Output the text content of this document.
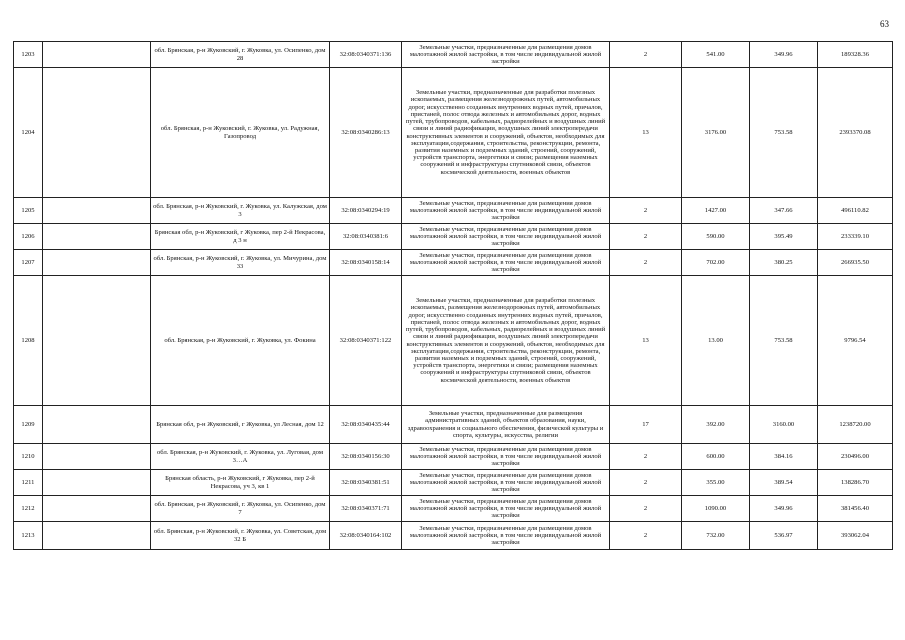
63
1203		обл. Брянская, р-н Жуковский, г. Жуковка, ул. Осипенко, дом 28	32:08:0340371:136	Земельные участки, предназначенные для размещения домов малоэтажной жилой застройки, в том числе индивидуальной жилой застройки	2	541.00	349.96	189328.36
1204		обл. Брянская, р-н Жуковский, г. Жуковка, ул. Радужная, Газопровод	32:08:0340286:13	Земельные участки, предназначенные для разработки полезных ископаемых, размещения железнодорожных путей, автомобильных дорог, искусственно созданных внутренних водных путей, причалов, пристаней, полос отвода железных и автомобильных дорог, водных путей, трубопроводов, кабельных, радиорелейных и воздушных линий связи и линий радиофикации, воздушных линий электропередачи конструктивных элементов и сооружений, объектов, необходимых для эксплуатации,содержания, строительства, реконструкции, ремонта, развития наземных и подземных зданий, строений, сооружений, устройств транспорта, энергетики и связи; размещения наземных сооружений и инфраструктуры спутниковой связи, объектов космической деятельности, военных объектов	13	3176.00	753.58	2393370.08
1205		обл. Брянская, р-н Жуковский, г. Жуковка, ул. Калужская, дом 3	32:08:0340294:19	Земельные участки, предназначенные для размещения домов малоэтажной жилой застройки, в том числе индивидуальной жилой застройки	2	1427.00	347.66	496110.82
1206		Брянская обл, р-н Жуковский, г Жуковка, пер 2-й Некрасова, д 3 н	32:08:0340381:6	Земельные участки, предназначенные для размещения домов малоэтажной жилой застройки, в том числе индивидуальной жилой застройки	2	590.00	395.49	233339.10
1207		обл. Брянская, р-н Жуковский, г. Жуковка, ул. Мичурина, дом 33	32:08:0340158:14	Земельные участки, предназначенные для размещения домов малоэтажной жилой застройки, в том числе индивидуальной жилой застройки	2	702.00	380.25	266935.50
1208		обл. Брянская, р-н Жуковский, г. Жуковка, ул. Фокина	32:08:0340371:122	Земельные участки, предназначенные для разработки полезных ископаемых, размещения железнодорожных путей, автомобильных дорог, искусственно созданных внутренних водных путей, причалов, пристаней, полос отвода железных и автомобильных дорог, водных путей, трубопроводов, кабельных, радиорелейных и воздушных линий связи и линий радиофикации, воздушных линий электропередачи конструктивных элементов и сооружений, объектов, необходимых для эксплуатации,содержания, строительства, реконструкции, ремонта, развития наземных и подземных зданий, строений, сооружений, устройств транспорта, энергетики и связи; размещения наземных сооружений и инфраструктуры спутниковой связи, объектов космической деятельности, военных объектов	13	13.00	753.58	9796.54
1209		Брянская обл, р-н Жуковский, г Жуковка, ул Лесная, дом 12	32:08:0340435:44	Земельные участки, предназначенные для размещения административных зданий, объектов образования, науки, здравоохранения и социального обеспечения, физической культуры и спорта, культуры, искусства, религии	17	392.00	3160.00	1238720.00
1210		обл. Брянская, р-н Жуковский, г. Жуковка, ул. Луговая, дом 3…А	32:08:0340156:30	Земельные участки, предназначенные для размещения домов малоэтажной жилой застройки, в том числе индивидуальной жилой застройки	2	600.00	384.16	230496.00
1211		Брянская область, р-н Жуковский, г Жуковка, пер 2-й Некрасова, уч 3, кв 1	32:08:0340381:51	Земельные участки, предназначенные для размещения домов малоэтажной жилой застройки, в том числе индивидуальной жилой застройки	2	355.00	389.54	138286.70
1212		обл. Брянская, р-н Жуковский, г. Жуковка, ул. Осипенко, дом 7	32:08:0340371:71	Земельные участки, предназначенные для размещения домов малоэтажной жилой застройки, в том числе индивидуальной жилой застройки	2	1090.00	349.96	381456.40
1213		обл. Брянская, р-н Жуковский, г. Жуковка, ул. Советская, дом 32 Б	32:08:0340164:102	Земельные участки, предназначенные для размещения домов малоэтажной жилой застройки, в том числе индивидуальной жилой застройки	2	732.00	536.97	393062.04
